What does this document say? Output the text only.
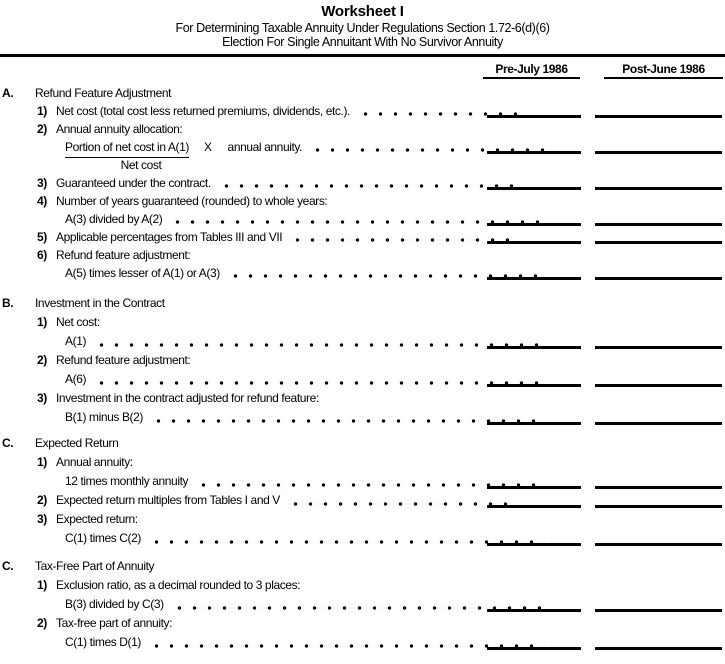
Worksheet I
For Determining Taxable Annuity Under Regulations Section 1.72-6(d)(6)
Election For Single Annuitant With No Survivor Annuity
Pre-July 1986	Post-June 1986
A.	Refund Feature Adjustment
1) Net cost (total cost less returned premiums, dividends, etc.).
2) Annual annuity allocation:
Portion of net cost in A(1) X annual annuity.
Net cost
3) Guaranteed under the contract.
4) Number of years guaranteed (rounded) to whole years:
A(3) divided by A(2)
5) Applicable percentages from Tables III and VII
6) Refund feature adjustment:
A(5) times lesser of A(1) or A(3)
B.	Investment in the Contract
1) Net cost:
A(1)
2) Refund feature adjustment:
A(6)
3) Investment in the contract adjusted for refund feature:
B(1) minus B(2)
C.	Expected Return
1) Annual annuity:
12 times monthly annuity
2) Expected return multiples from Tables I and V
3) Expected return:
C(1) times C(2)
C.	Tax-Free Part of Annuity
1) Exclusion ratio, as a decimal rounded to 3 places:
B(3) divided by C(3)
2) Tax-free part of annuity:
C(1) times D(1)
